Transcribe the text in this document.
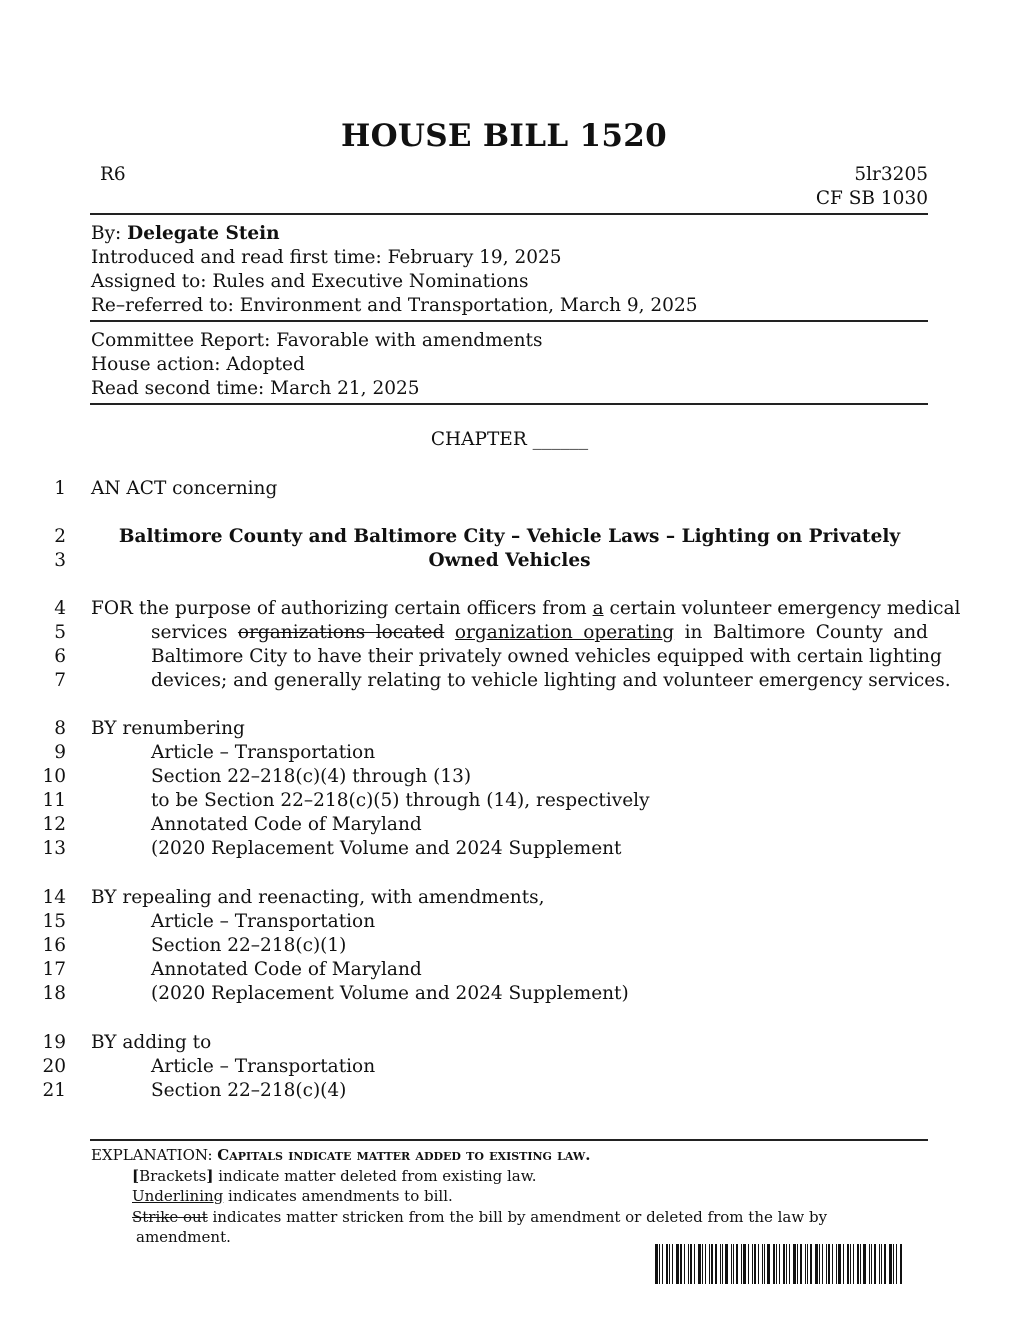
HOUSE BILL 1520
R6	5lr3205
CF SB 1030
By: Delegate Stein
Introduced and read first time: February 19, 2025
Assigned to: Rules and Executive Nominations
Re–referred to: Environment and Transportation, March 9, 2025
Committee Report: Favorable with amendments
House action: Adopted
Read second time: March 21, 2025
CHAPTER ______
1 AN ACT concerning
2	Baltimore County and Baltimore City – Vehicle Laws – Lighting on Privately
3	Owned Vehicles
4 FOR the purpose of authorizing certain officers from a certain volunteer emergency medical
5	services organizations located organization operating in Baltimore County and
6	Baltimore City to have their privately owned vehicles equipped with certain lighting
7	devices; and generally relating to vehicle lighting and volunteer emergency services.
8 BY renumbering
9	Article – Transportation
10	Section 22–218(c)(4) through (13)
11	to be Section 22–218(c)(5) through (14), respectively
12	Annotated Code of Maryland
13	(2020 Replacement Volume and 2024 Supplement
14 BY repealing and reenacting, with amendments,
15	Article – Transportation
16	Section 22–218(c)(1)
17	Annotated Code of Maryland
18	(2020 Replacement Volume and 2024 Supplement)
19 BY adding to
20	Article – Transportation
21	Section 22–218(c)(4)
EXPLANATION: Capitals indicate matter added to existing law.
[Brackets] indicate matter deleted from existing law.
Underlining indicates amendments to bill.
Strike out indicates matter stricken from the bill by amendment or deleted from the law by
amendment.
